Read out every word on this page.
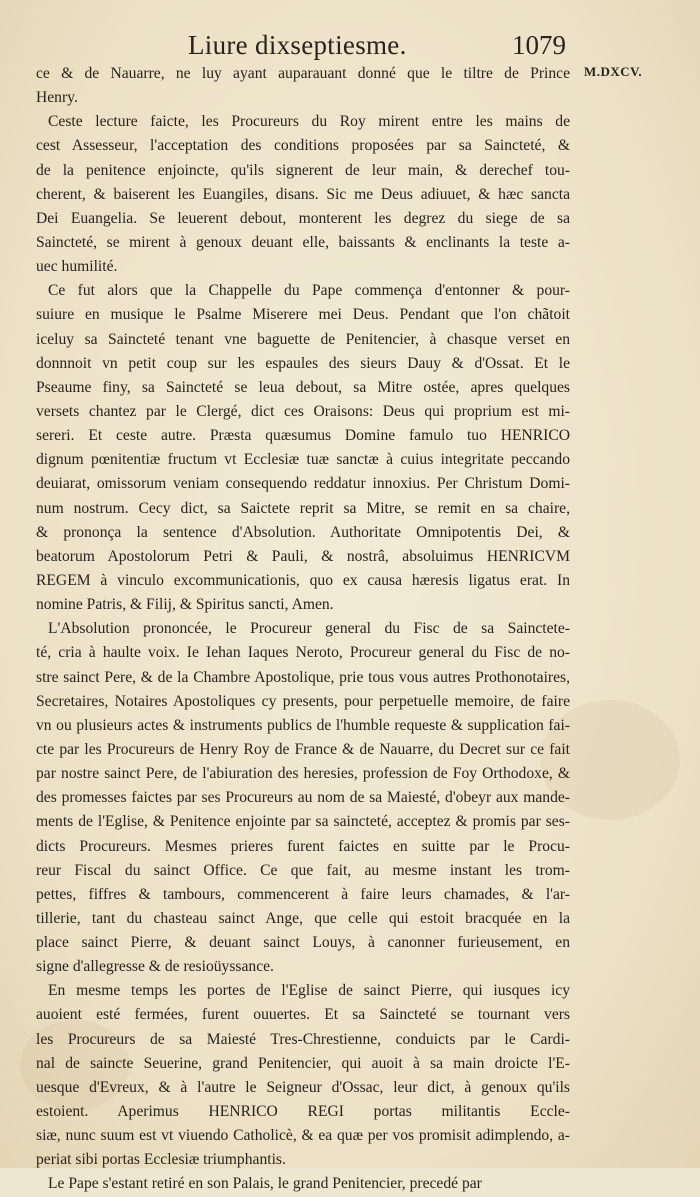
Liure dixseptiesme.	1079
M.DXCV.
ce & de Nauarre, ne luy ayant auparauant donné que le tiltre de Prince
Henry.
Ceste lecture faicte, les Procureurs du Roy mirent entre les mains de
cest Assesseur, l'acceptation des conditions proposées par sa Saincteté, &
de la penitence enjoincte, qu'ils signerent de leur main, & derechef tou-
cherent, & baiserent les Euangiles, disans. Sic me Deus adiuuet, & hæc sancta
Dei Euangelia. Se leuerent debout, monterent les degrez du siege de sa
Saincteté, se mirent à genoux deuant elle, baissants & enclinants la teste a-
uec humilité.
Ce fut alors que la Chappelle du Pape commença d'entonner & pour-
suiure en musique le Psalme Miserere mei Deus. Pendant que l'on chãtoit
iceluy sa Saincteté tenant vne baguette de Penitencier, à chasque verset en
donnnoit vn petit coup sur les espaules des sieurs Dauy & d'Ossat. Et le
Pseaume finy, sa Saincteté se leua debout, sa Mitre ostée, apres quelques
versets chantez par le Clergé, dict ces Oraisons: Deus qui proprium est mi-
sereri. Et ceste autre. Præsta quæsumus Domine famulo tuo HENRICO
dignum pœnitentiæ fructum vt Ecclesiæ tuæ sanctæ à cuius integritate peccando
deuiarat, omissorum veniam consequendo reddatur innoxius. Per Christum Domi-
num nostrum. Cecy dict, sa Saictete reprit sa Mitre, se remit en sa chaire,
& prononça la sentence d'Absolution. Authoritate Omnipotentis Dei, &
beatorum Apostolorum Petri & Pauli, & nostrâ, absoluimus HENRICVM
REGEM à vinculo excommunicationis, quo ex causa hæresis ligatus erat. In
nomine Patris, & Filij, & Spiritus sancti, Amen.
L'Absolution prononcée, le Procureur general du Fisc de sa Sainctete-
té, cria à haulte voix. Ie Iehan Iaques Neroto, Procureur general du Fisc de no-
stre sainct Pere, & de la Chambre Apostolique, prie tous vous autres Prothonotaires,
Secretaires, Notaires Apostoliques cy presents, pour perpetuelle memoire, de faire
vn ou plusieurs actes & instruments publics de l'humble requeste & supplication fai-
cte par les Procureurs de Henry Roy de France & de Nauarre, du Decret sur ce fait
par nostre sainct Pere, de l'abiuration des heresies, profession de Foy Orthodoxe, &
des promesses faictes par ses Procureurs au nom de sa Maiesté, d'obeyr aux mande-
ments de l'Eglise, & Penitence enjointe par sa saincteté, acceptez & promis par ses-
dicts Procureurs. Mesmes prieres furent faictes en suitte par le Procu-
reur Fiscal du sainct Office. Ce que fait, au mesme instant les trom-
pettes, fiffres & tambours, commencerent à faire leurs chamades, & l'ar-
tillerie, tant du chasteau sainct Ange, que celle qui estoit bracquée en la
place sainct Pierre, & deuant sainct Louys, à canonner furieusement, en
signe d'allegresse & de resioüyssance.
En mesme temps les portes de l'Eglise de sainct Pierre, qui iusques icy
auoient esté fermées, furent ouuertes. Et sa Saincteté se tournant vers
les Procureurs de sa Maiesté Tres-Chrestienne, conduicts par le Cardi-
nal de saincte Seuerine, grand Penitencier, qui auoit à sa main droicte l'E-
uesque d'Evreux, & à l'autre le Seigneur d'Ossac, leur dict, à genoux qu'ils
estoient. Aperimus HENRICO REGI portas militantis Eccle-
siæ, nunc suum est vt viuendo Catholicè, & ea quæ per vos promisit adimplendo, a-
periat sibi portas Ecclesiæ triumphantis.
Le Pape s'estant retiré en son Palais, le grand Penitencier, precedé par
